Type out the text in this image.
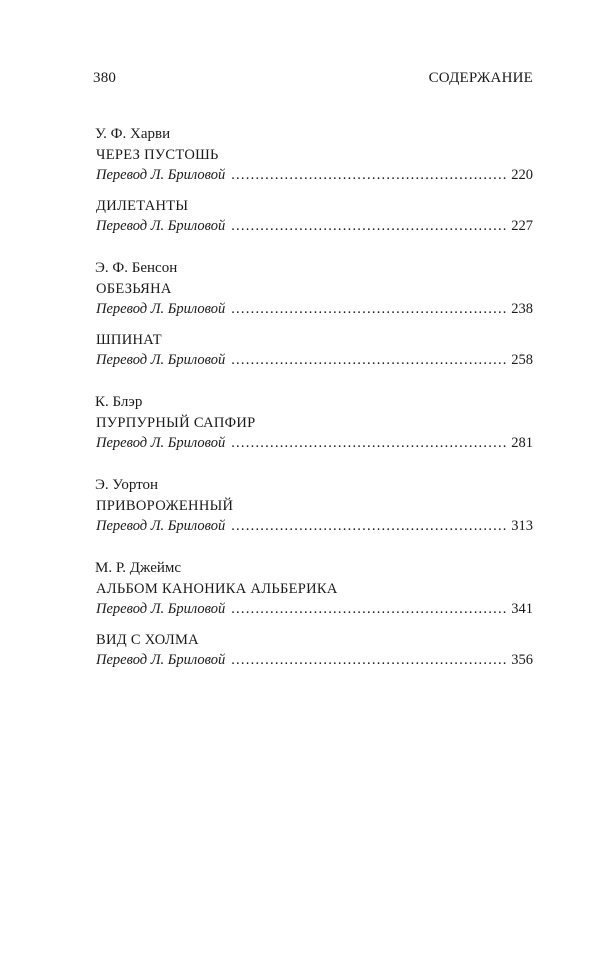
380	СОДЕРЖАНИЕ
У. Ф. Харви
ЧЕРЕЗ ПУСТОШЬ
Перевод Л. Бриловой . . .	220
ДИЛЕТАНТЫ
Перевод Л. Бриловой . . .	227
Э. Ф. Бенсон
ОБЕЗЬЯНА
Перевод Л. Бриловой . . .	238
ШПИНАТ
Перевод Л. Бриловой . . .	258
К. Блэр
ПУРПУРНЫЙ САПФИР
Перевод Л. Бриловой . . .	281
Э. Уортон
ПРИВОРОЖЕННЫЙ
Перевод Л. Бриловой . . .	313
М. Р. Джеймс
АЛЬБОМ КАНОНИКА АЛЬБЕРИКА
Перевод Л. Бриловой . . .	341
ВИД С ХОЛМА
Перевод Л. Бриловой . . .	356
